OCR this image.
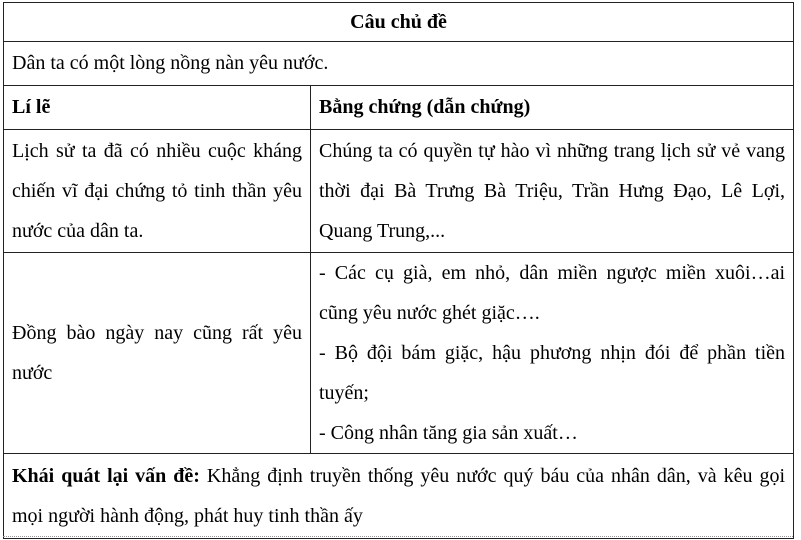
Câu chủ đề	
Dân ta có một lòng nồng nàn yêu nước.	
Lí lẽ	Bằng chứng (dẫn chứng)
Lịch sử ta đã có nhiều cuộc kháng chiến vĩ đại chứng tỏ tinh thần yêu nước của dân ta.	Chúng ta có quyền tự hào vì những trang lịch sử vẻ vang thời đại Bà Trưng Bà Triệu, Trần Hưng Đạo, Lê Lợi, Quang Trung,...
Đồng bào ngày nay cũng rất yêu nước	- Các cụ già, em nhỏ, dân miền ngược miền xuôi…ai cũng yêu nước ghét giặc….
- Bộ đội bám giặc, hậu phương nhịn đói để phần tiền tuyến;
- Công nhân tăng gia sản xuất…

Khái quát lại vấn đề: Khẳng định truyền thống yêu nước quý báu của nhân dân, và kêu gọi mọi người hành động, phát huy tinh thần ấy	
